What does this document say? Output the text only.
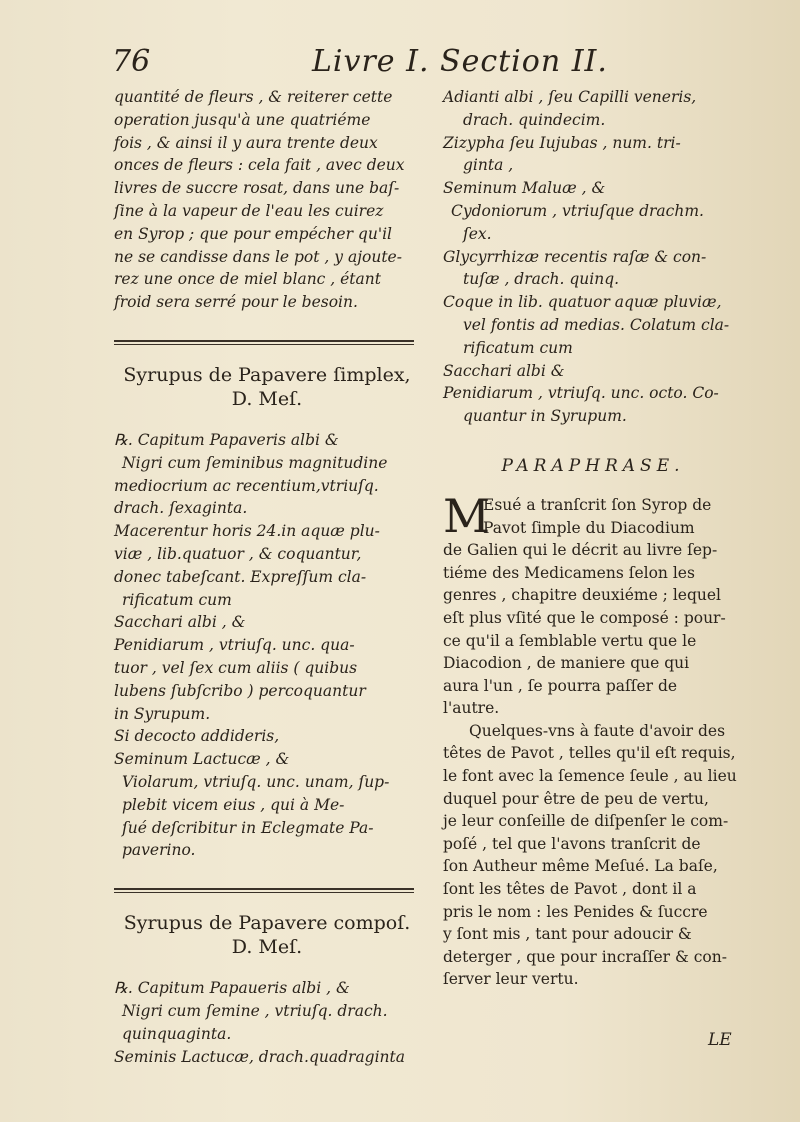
76	Livre I. Section II.

quantité de fleurs , & reiterer cette
operation jusqu'à une quatriéme
fois , & ainsi il y aura trente deux
onces de fleurs : cela fait , avec deux
livres de succre rosat, dans une baſ-
ſine à la vapeur de l'eau les cuirez
en Syrop ; que pour empécher qu'il
ne se candisse dans le pot , y ajoute-
rez une once de miel blanc , étant
froid sera serré pour le besoin.

Syrupus de Papavere ſimplex,
D. Meſ.
℞. Capitum Papaveris albi &
Nigri cum ſeminibus magnitudine
mediocrium ac recentium,vtriuſq.
drach. ſexaginta.
Macerentur horis 24.in aquæ plu-
viæ , lib.quatuor , & coquantur,
donec tabeſcant. Expreſſum cla-
rificatum cum
Sacchari albi , &
Penidiarum , vtriuſq. unc. qua-
tuor , vel ſex cum aliis ( quibus
lubens ſubſcribo ) percoquantur
in Syrupum.
Si decocto addideris,
Seminum Lactucæ , &
Violarum, vtriuſq. unc. unam, ſup-
plebit vicem eius , qui à Me-
ſué deſcribitur in Eclegmate Pa-
paverino.
Syrupus de Papavere compoſ.
D. Meſ.
℞. Capitum Papaueris albi , &
Nigri cum ſemine , vtriuſq. drach.
quinquaginta.
Seminis Lactucæ, drach.quadraginta
Adianti albi , ſeu Capilli veneris,
drach. quindecim.
Zizypha ſeu Iujubas , num. tri-
ginta ,
Seminum Maluæ , &
Cydoniorum , vtriuſque drachm.
ſex.
Glycyrrhizæ recentis raſæ & con-
tuſæ , drach. quinq.
Coque in lib. quatuor aquæ pluviæ,
vel fontis ad medias. Colatum cla-
rificatum cum
Sacchari albi &
Penidiarum , vtriuſq. unc. octo. Co-
quantur in Syrupum.
PARAPHRASE.
M

Esué a tranſcrit ſon Syrop de
Pavot ſimple du Diacodium
de Galien qui le décrit au livre ſep-
tiéme des Medicamens ſelon les
genres , chapitre deuxiéme ; lequel
eſt plus vſité que le composé : pour-
ce qu'il a ſemblable vertu que le
Diacodion , de maniere que qui
aura l'un , ſe pourra paſſer de
l'autre.

Quelques-vns à faute d'avoir des
têtes de Pavot , telles qu'il eſt requis,
le font avec la ſemence ſeule , au lieu
duquel pour être de peu de vertu,
je leur conſeille de diſpenſer le com-
poſé , tel que l'avons tranſcrit de
ſon Autheur même Meſué. La baſe,
ſont les têtes de Pavot , dont il a
pris le nom : les Penides & ſuccre
y ſont mis , tant pour adoucir &
deterger , que pour incraſſer & con-
ſerver leur vertu.

LE
